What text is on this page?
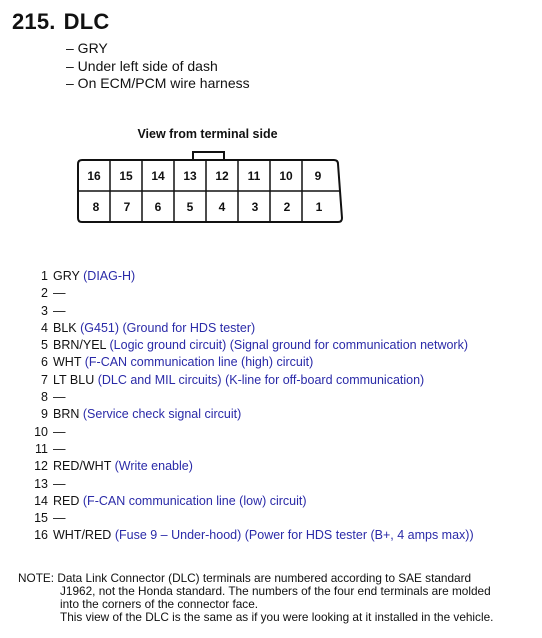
215. DLC
– GRY
– Under left side of dash
– On ECM/PCM wire harness
View from terminal side
16 15 14 13 12 11 10 9
8 7 6 5 4 3 2 1
1 GRY (DIAG-H)
2 —
3 —
4 BLK (G451) (Ground for HDS tester)
5 BRN/YEL (Logic ground circuit) (Signal ground for communication network)
6 WHT (F-CAN communication line (high) circuit)
7 LT BLU (DLC and MIL circuits) (K-line for off-board communication)
8 —
9 BRN (Service check signal circuit)
10 —
11 —
12 RED/WHT (Write enable)
13 —
14 RED (F-CAN communication line (low) circuit)
15 —
16 WHT/RED (Fuse 9 – Under-hood) (Power for HDS tester (B+, 4 amps max))
NOTE: Data Link Connector (DLC) terminals are numbered according to SAE standard
J1962, not the Honda standard. The numbers of the four end terminals are molded
into the corners of the connector face.
This view of the DLC is the same as if you were looking at it installed in the vehicle.
